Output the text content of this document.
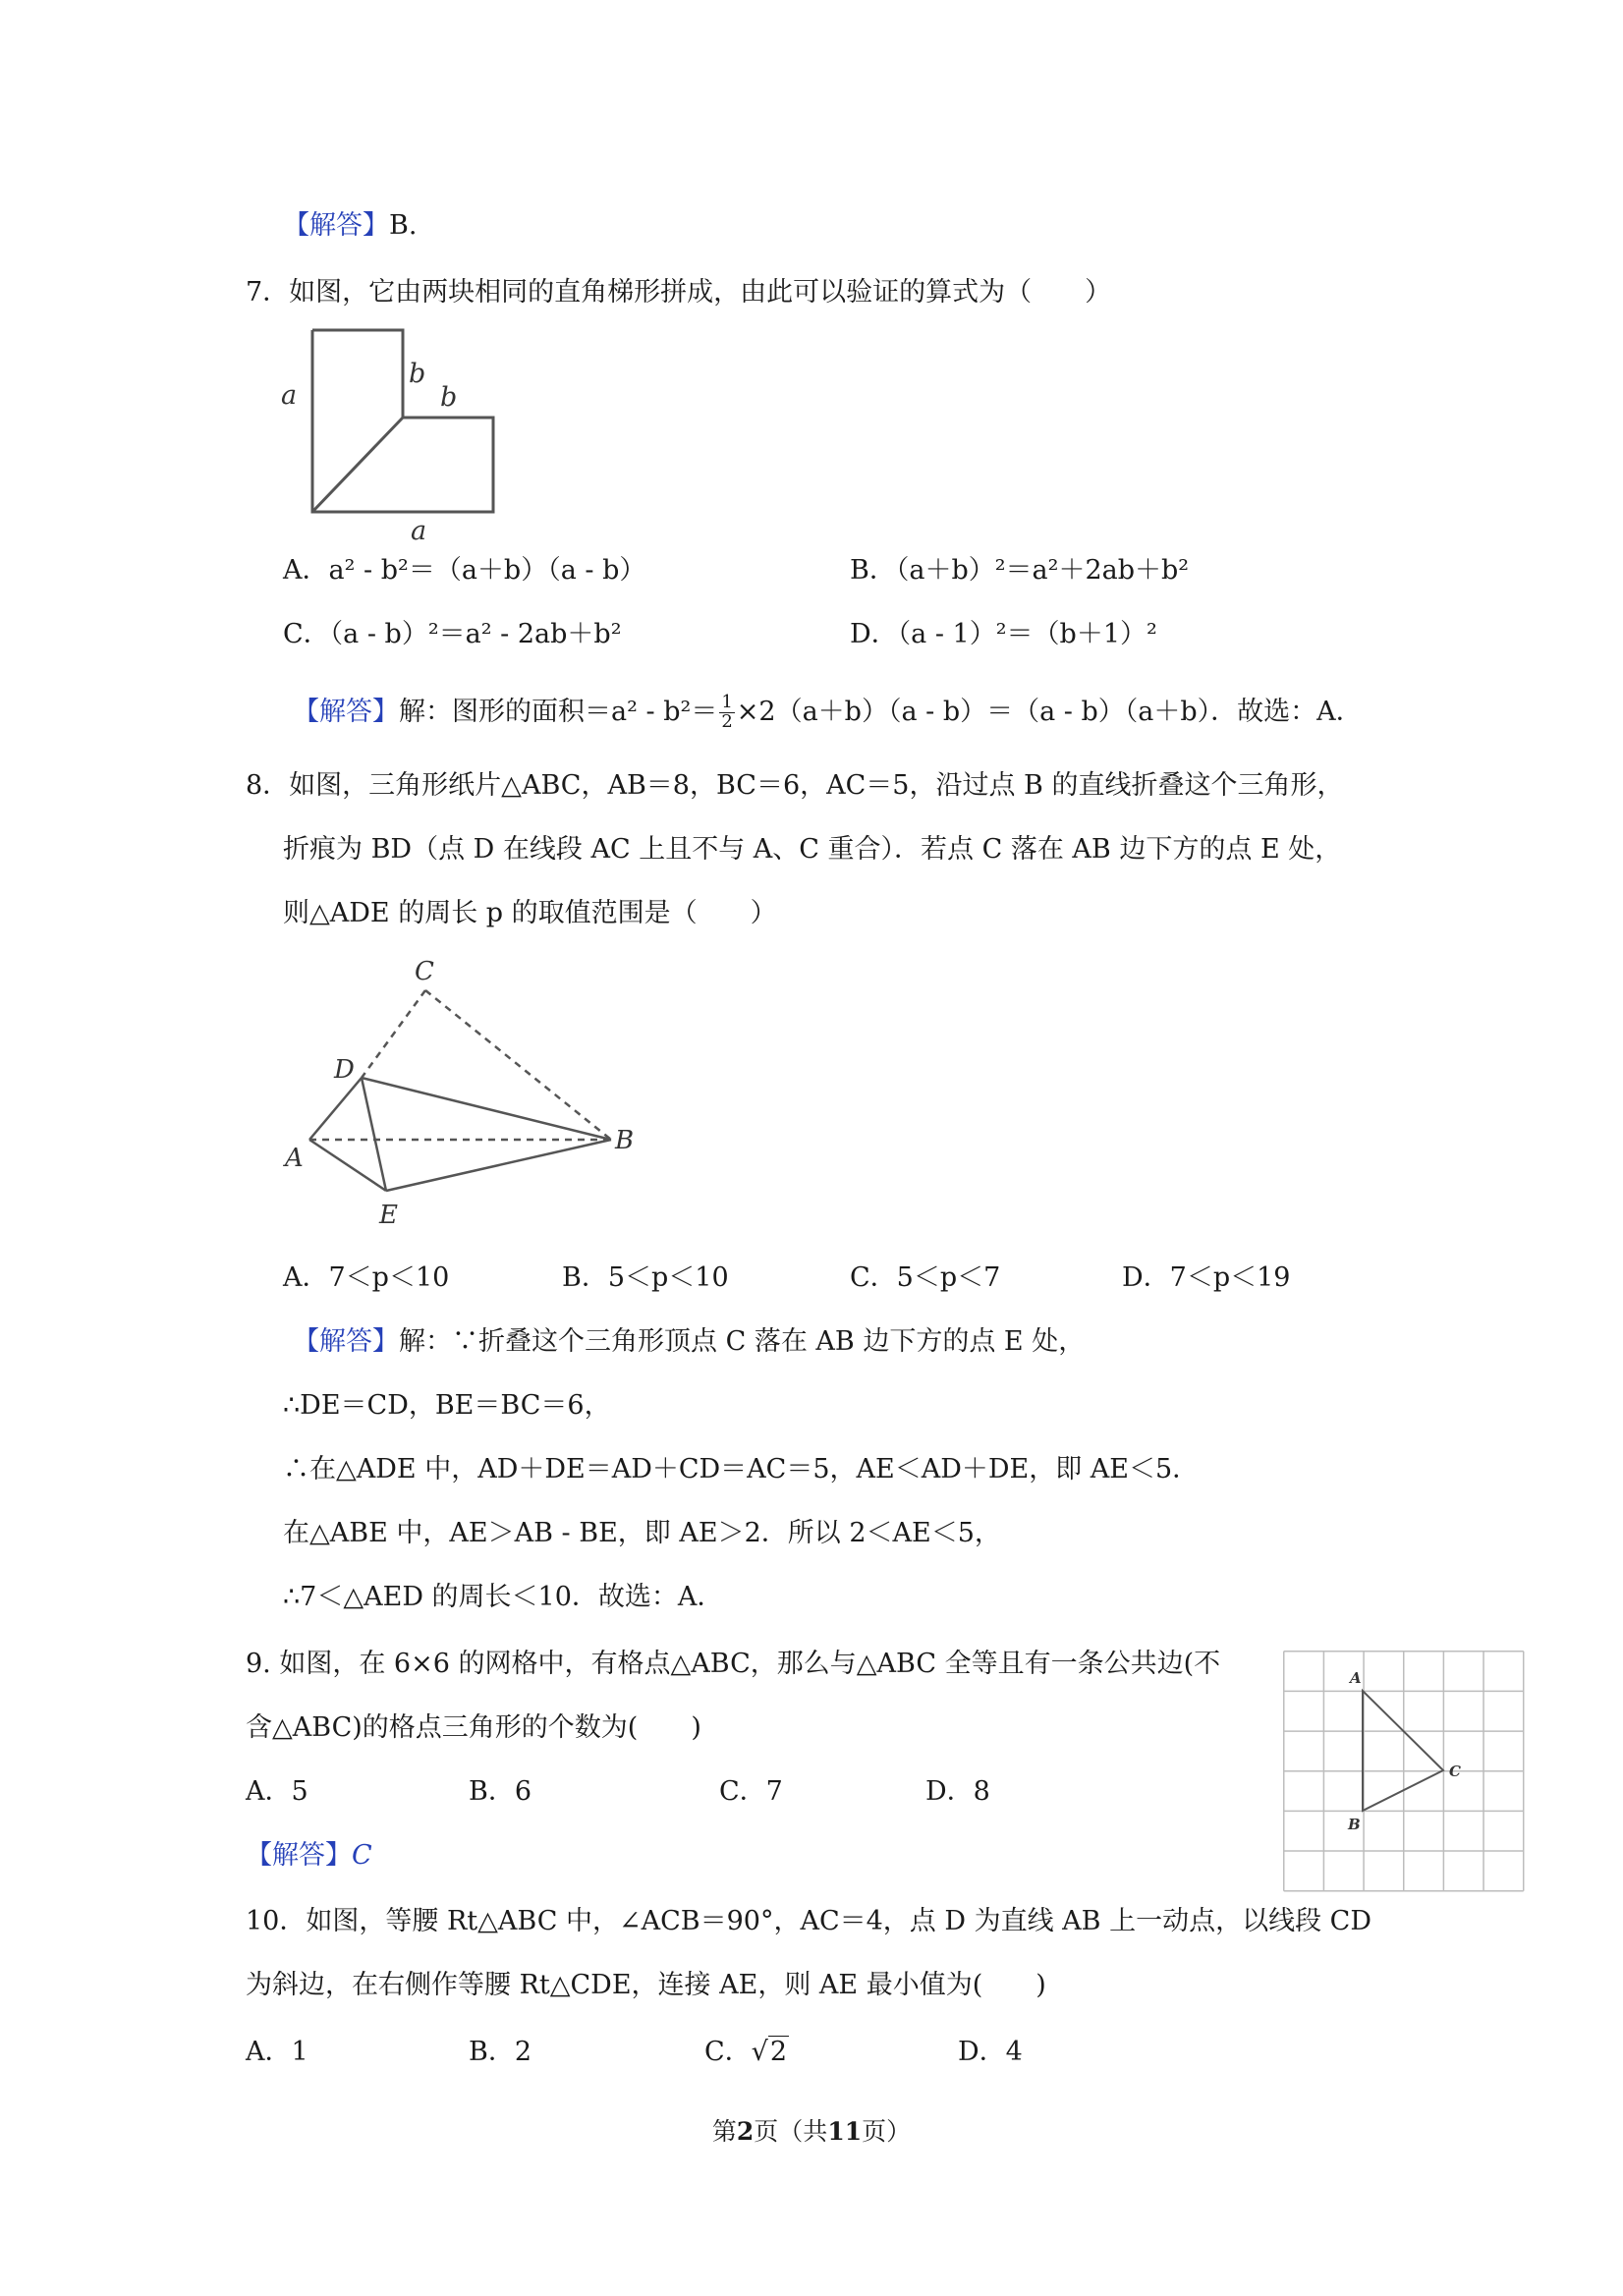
【解答】B.
7．如图，它由两块相同的直角梯形拼成，由此可以验证的算式为（　　）
a
b
b
a
A．a² - b²＝（a＋b）（a - b）	B．（a＋b）²＝a²＋2ab＋b²
C．（a - b）²＝a² - 2ab＋b²	D．（a - 1）²＝（b＋1）²
【解答】解：图形的面积$=a^2 - b^2= \frac{1}{2} \times 2(a+b)(a - b)=(a - b)(a+b)$．故选：A．
8．如图，三角形纸片△ABC，AB＝8，BC＝6，AC＝5，沿过点 B 的直线折叠这个三角形，
折痕为 BD（点 D 在线段 AC 上且不与 A、C 重合）．若点 C 落在 AB 边下方的点 E 处，
则△ADE 的周长 p 的取值范围是（　　）
C
D
A
B
E
A．7＜p＜10	B．5＜p＜10	C．5＜p＜7	D．7＜p＜19
【解答】解：∵折叠这个三角形顶点 C 落在 AB 边下方的点 E 处，
∴DE＝CD，BE＝BC＝6，
∴在△ADE 中，AD＋DE＝AD＋CD＝AC＝5，AE＜AD＋DE，即 AE＜5．
在△ABE 中，AE＞AB - BE，即 AE＞2．所以 2＜AE＜5，
∴7＜△AED 的周长＜10．故选：A．
9. 如图，在 6×6 的网格中，有格点△ABC，那么与△ABC 全等且有一条公共边(不
含△ABC)的格点三角形的个数为(　　)
A．5	B．6	C．7	D．8
【解答】C
A
B
C
10．如图，等腰 Rt△ABC 中，∠ACB＝90°，AC＝4，点 D 为直线 AB 上一动点，以线段 CD
为斜边，在右侧作等腰 Rt△CDE，连接 AE，则 AE 最小值为(　　)
A．1	B．2	C．√2	D．4
第2页（共11页）
